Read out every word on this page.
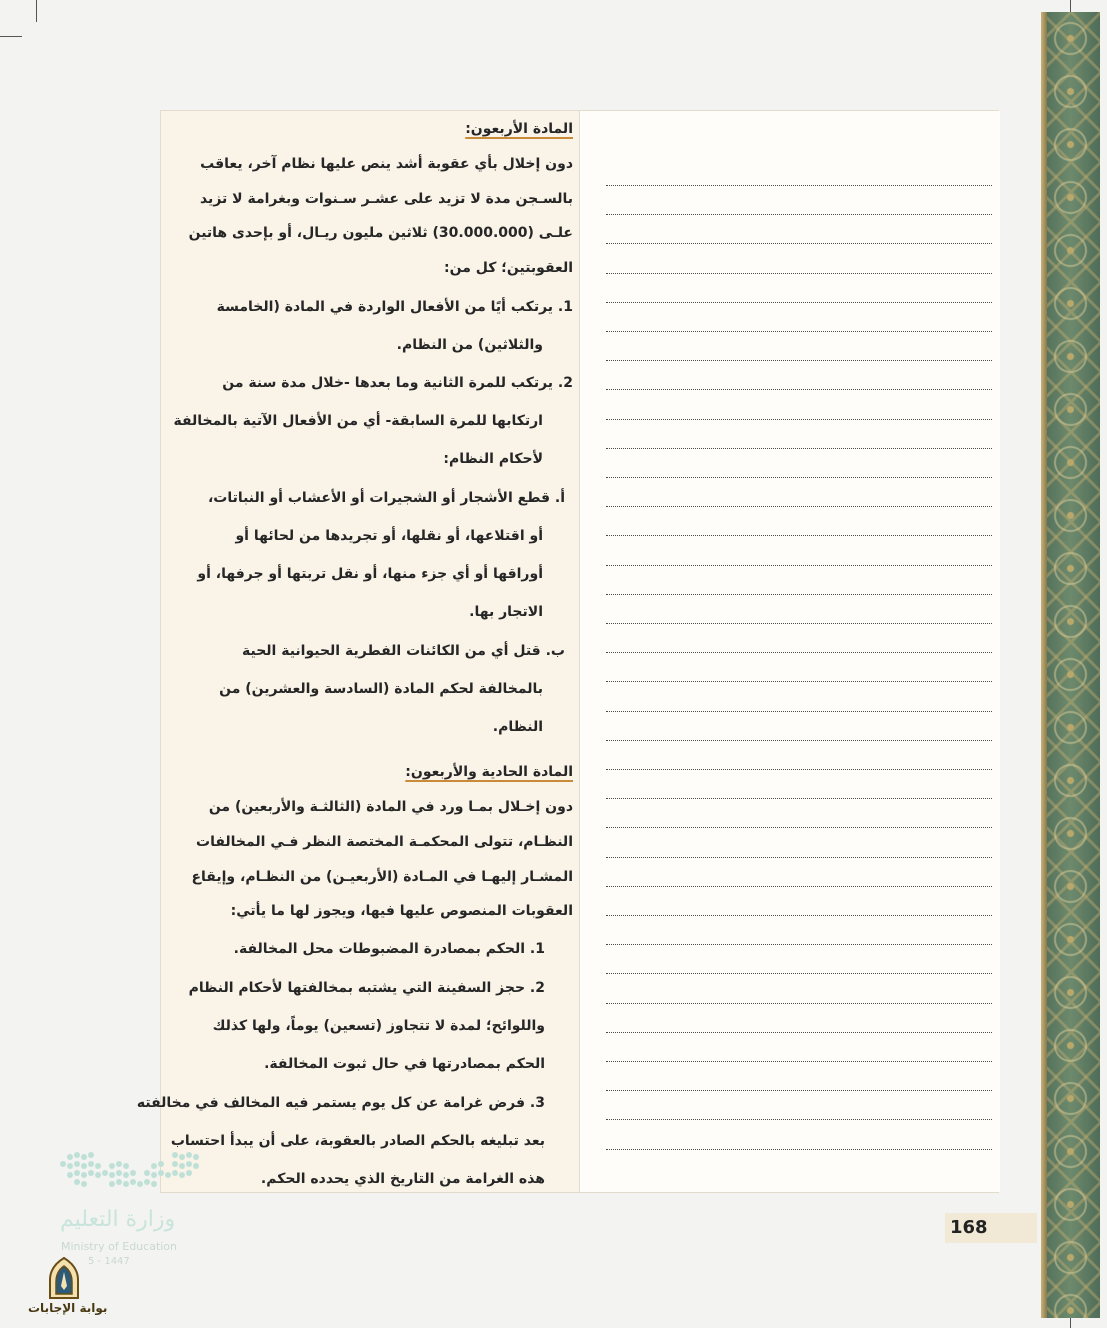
المادة الأربعون:
دون إخلال بأي عقوبة أشد ينص عليها نظام آخر، يعاقب
بالسـجن مدة لا تزيد على عشـر سـنوات وبغرامة لا تزيد
علـى (30.000.000) ثلاثين مليون ريـال، أو بإحدى هاتين
العقوبتين؛ كل من:
1. يرتكب أيًا من الأفعال الواردة في المادة (الخامسة
والثلاثين) من النظام.
2. يرتكب للمرة الثانية وما بعدها -خلال مدة سنة من
ارتكابها للمرة السابقة- أي من الأفعال الآتية بالمخالفة
لأحكام النظام:
أ. قطع الأشجار أو الشجيرات أو الأعشاب أو النباتات،
أو اقتلاعها، أو نقلها، أو تجريدها من لحائها أو
أوراقها أو أي جزء منها، أو نقل تربتها أو جرفها، أو
الاتجار بها.
ب. قتل أي من الكائنات الفطرية الحيوانية الحية
بالمخالفة لحكم المادة (السادسة والعشرين) من
النظام.
المادة الحادية والأربعون:
دون إخـلال بمـا ورد في المادة (الثالثـة والأربعين) من
النظـام، تتولى المحكمـة المختصة النظر فـي المخالفات
المشـار إليهـا في المـادة (الأربعيـن) من النظـام، وإيقاع
العقوبات المنصوص عليها فيها، ويجوز لها ما يأتي:
1. الحكم بمصادرة المضبوطات محل المخالفة.
2. حجز السفينة التي يشتبه بمخالفتها لأحكام النظام
واللوائح؛ لمدة لا تتجاوز (تسعين) يوماً، ولها كذلك
الحكم بمصادرتها في حال ثبوت المخالفة.
3. فرض غرامة عن كل يوم يستمر فيه المخالف في مخالفته
بعد تبليغه بالحكم الصادر بالعقوبة، على أن يبدأ احتساب
هذه الغرامة من التاريخ الذي يحدده الحكم.
168
وزارة التعليم
Ministry of Education
5 - 1447
بوابة الإجابات
